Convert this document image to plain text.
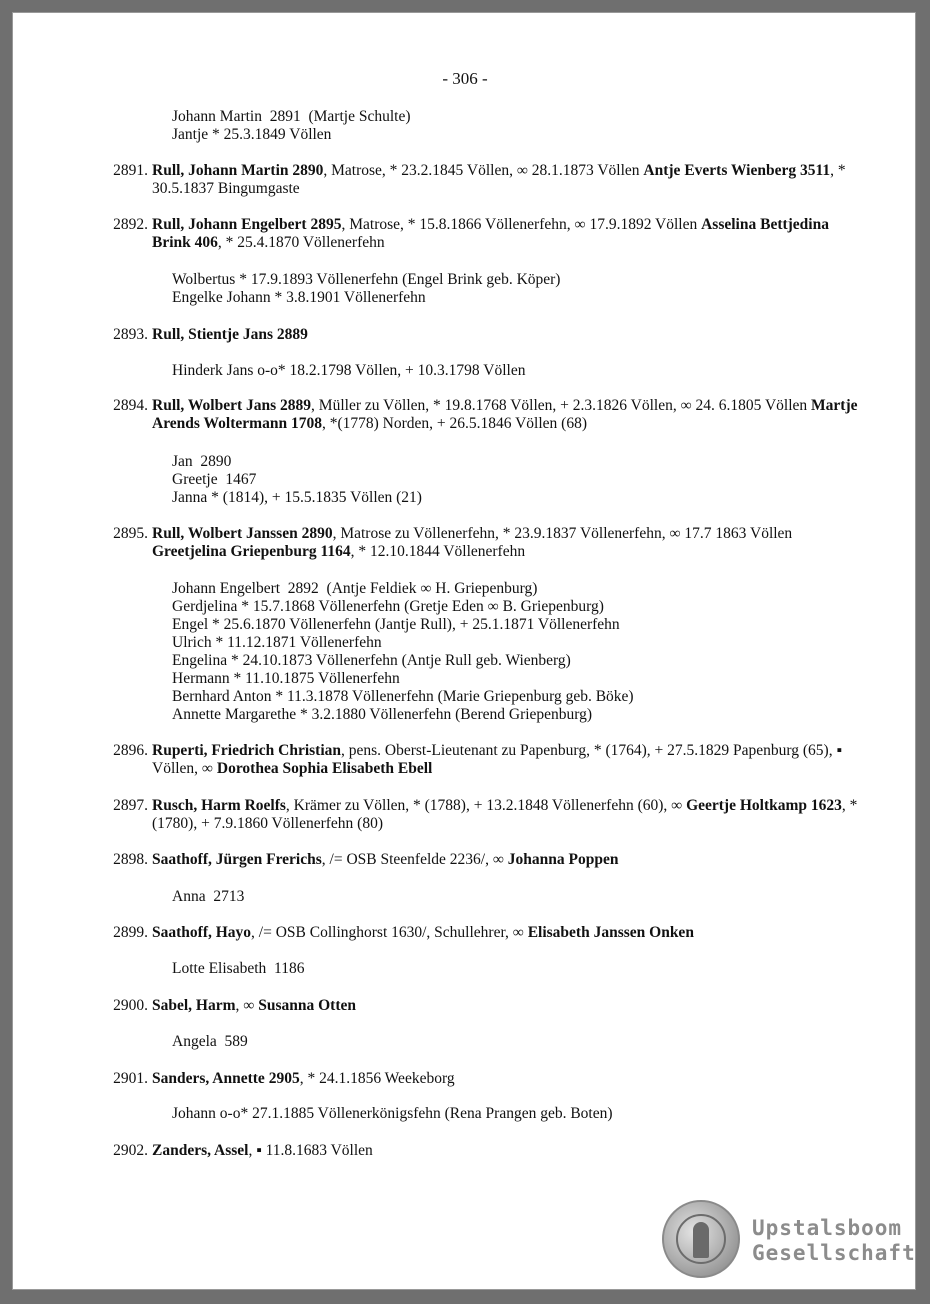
- 306 -
Johann Martin  2891  (Martje Schulte)
Jantje * 25.3.1849 Völlen
2891. Rull, Johann Martin 2890, Matrose, * 23.2.1845 Völlen, ∞ 28.1.1873 Völlen Antje Everts Wienberg 3511, * 30.5.1837 Bingumgaste
2892. Rull, Johann Engelbert 2895, Matrose, * 15.8.1866 Völlenerfehn, ∞ 17.9.1892 Völlen Asselina Bettjedina Brink 406, * 25.4.1870 Völlenerfehn
Wolbertus * 17.9.1893 Völlenerfehn (Engel Brink geb. Köper)
Engelke Johann * 3.8.1901 Völlenerfehn
2893. Rull, Stientje Jans 2889
Hinderk Jans o-o* 18.2.1798 Völlen, + 10.3.1798 Völlen
2894. Rull, Wolbert Jans 2889, Müller zu Völlen, * 19.8.1768 Völlen, + 2.3.1826 Völlen, ∞ 24. 6.1805 Völlen Martje Arends Woltermann 1708, *(1778) Norden, + 26.5.1846 Völlen (68)
Jan  2890
Greetje  1467
Janna * (1814), + 15.5.1835 Völlen (21)
2895. Rull, Wolbert Janssen 2890, Matrose zu Völlenerfehn, * 23.9.1837 Völlenerfehn, ∞ 17.7 1863 Völlen Greetjelina Griepenburg 1164, * 12.10.1844 Völlenerfehn
Johann Engelbert  2892  (Antje Feldiek ∞ H. Griepenburg)
Gerdjelina * 15.7.1868 Völlenerfehn (Gretje Eden ∞ B. Griepenburg)
Engel * 25.6.1870 Völlenerfehn (Jantje Rull), + 25.1.1871 Völlenerfehn
Ulrich * 11.12.1871 Völlenerfehn
Engelina * 24.10.1873 Völlenerfehn (Antje Rull geb. Wienberg)
Hermann * 11.10.1875 Völlenerfehn
Bernhard Anton * 11.3.1878 Völlenerfehn (Marie Griepenburg geb. Böke)
Annette Margarethe * 3.2.1880 Völlenerfehn (Berend Griepenburg)
2896. Ruperti, Friedrich Christian, pens. Oberst-Lieutenant zu Papenburg, * (1764), + 27.5.1829 Papenburg (65), ▪ Völlen, ∞ Dorothea Sophia Elisabeth Ebell
2897. Rusch, Harm Roelfs, Krämer zu Völlen, * (1788), + 13.2.1848 Völlenerfehn (60), ∞ Geertje Holtkamp 1623, * (1780), + 7.9.1860 Völlenerfehn (80)
2898. Saathoff, Jürgen Frerichs, /= OSB Steenfelde 2236/, ∞ Johanna Poppen
Anna  2713
2899. Saathoff, Hayo, /= OSB Collinghorst 1630/, Schullehrer, ∞ Elisabeth Janssen Onken
Lotte Elisabeth  1186
2900. Sabel, Harm, ∞ Susanna Otten
Angela  589
2901. Sanders, Annette 2905, * 24.1.1856 Weekeborg
Johann o-o* 27.1.1885 Völlenerkönigsfehn (Rena Prangen geb. Boten)
2902. Zanders, Assel, ▪ 11.8.1683 Völlen
Upstalsboom
Gesellschaft
